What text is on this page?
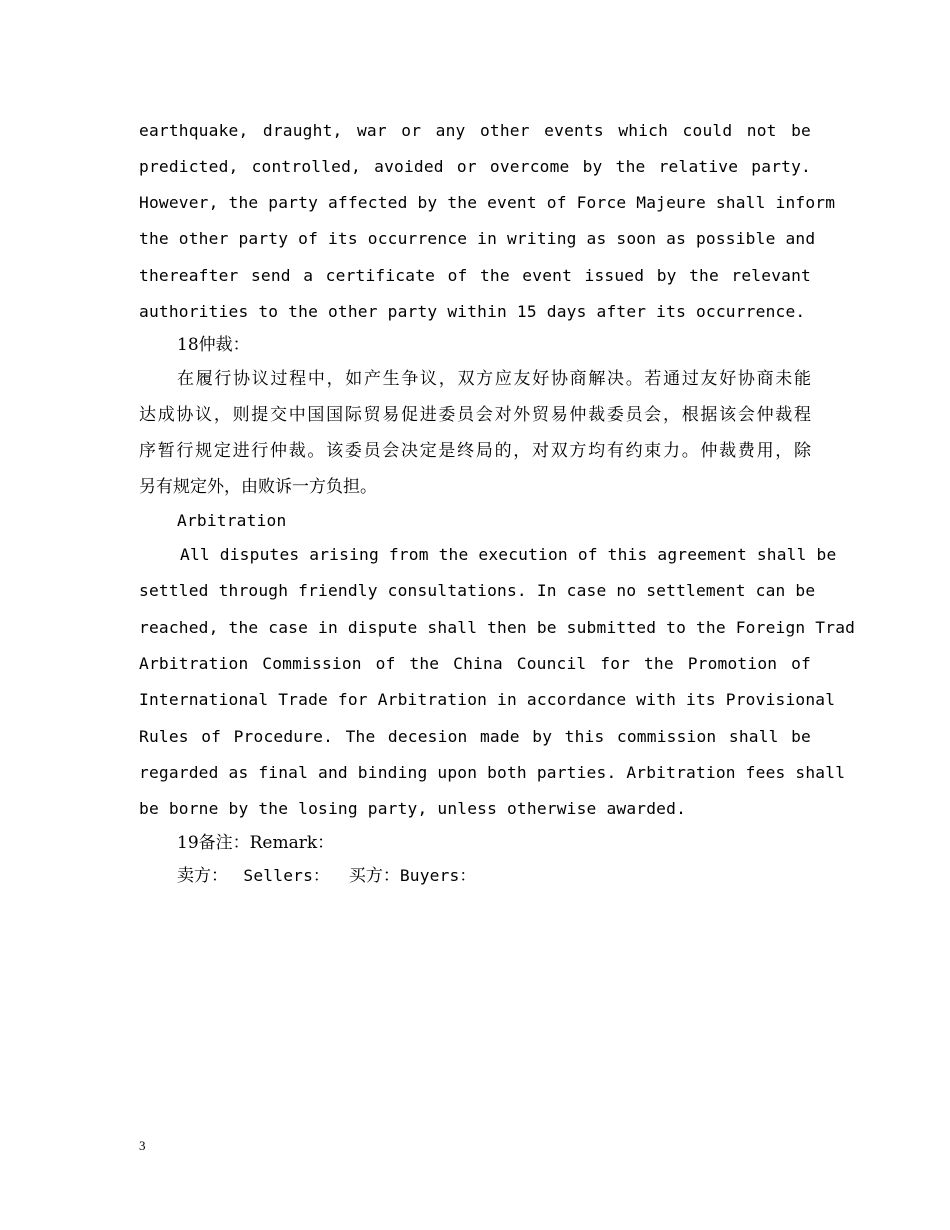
earthquake, draught, war or any other events which could not be
predicted, controlled, avoided or overcome by the relative party.
However, the party affected by the event of Force Majeure shall inform
the other party of its occurrence in writing as soon as possible and
thereafter send a certificate of the event issued by the relevant
authorities to the other party within 15 days after its occurrence.
18仲裁：
在履行协议过程中，如产生争议，双方应友好协商解决。若通过友好协商未能
达成协议，则提交中国国际贸易促进委员会对外贸易仲裁委员会，根据该会仲裁程
序暂行规定进行仲裁。该委员会决定是终局的，对双方均有约束力。仲裁费用，除
另有规定外，由败诉一方负担。
Arbitration
All disputes arising from the execution of this agreement shall be
settled through friendly consultations. In case no settlement can be
reached, the case in dispute shall then be submitted to the Foreign Trad
Arbitration Commission of the China Council for the Promotion of
International Trade for Arbitration in accordance with its Provisional
Rules of Procedure. The decesion made by this commission shall be
regarded as final and binding upon both parties. Arbitration fees shall
be borne by the losing party, unless otherwise awarded.
19备注：Remark：
卖方： Sellers： 买方：Buyers：
3
